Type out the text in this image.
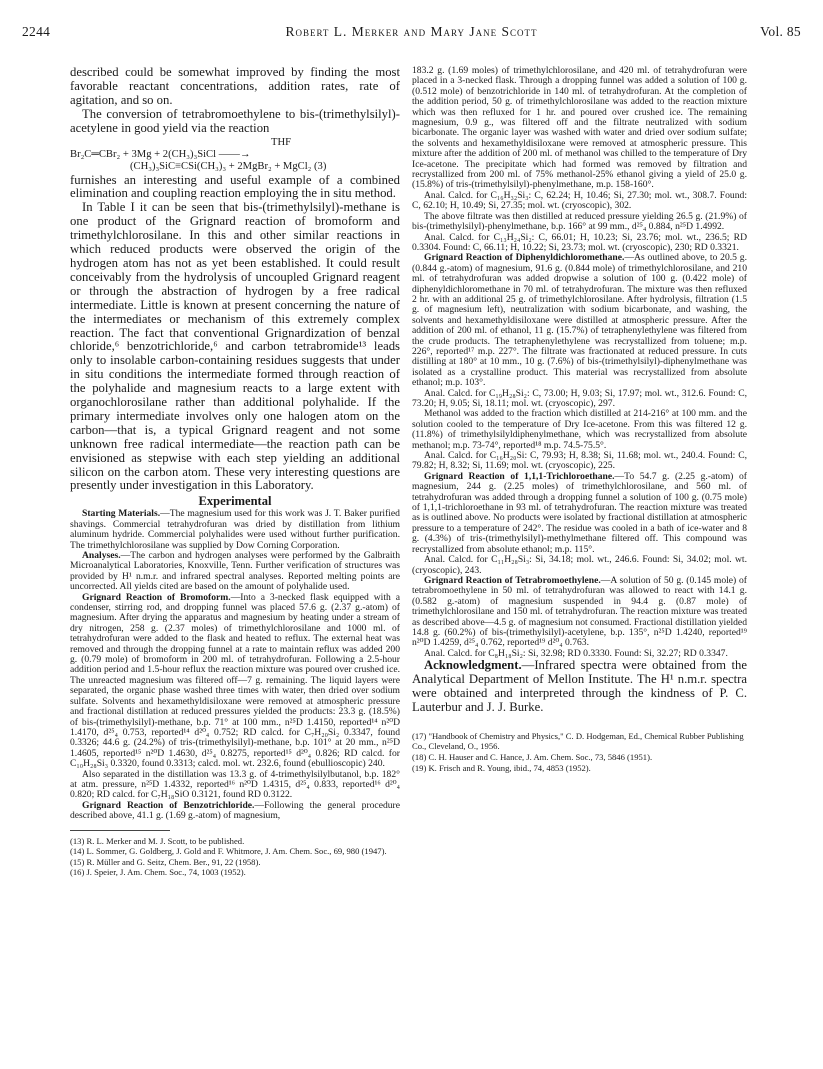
2244	Robert L. Merker and Mary Jane Scott	Vol. 85

described could be somewhat improved by finding the most favorable reactant concentrations, addition rates, rate of agitation, and so on.

The conversion of tetrabromoethylene to bis-(trimethylsilyl)-acetylene in good yield via the reaction

THF
Br₂C═CBr₂ + 3Mg + 2(CH₃)₃SiCl ——→
(CH₃)₃SiC≡CSi(CH₃)₃ + 2MgBr₂ + MgCl₂ (3)

furnishes an interesting and useful example of a combined elimination and coupling reaction employing the in situ method.

In Table I it can be seen that bis-(trimethylsilyl)-methane is one product of the Grignard reaction of bromoform and trimethylchlorosilane. In this and other similar reactions in which reduced products were observed the origin of the hydrogen atom has not as yet been established. It could result conceivably from the hydrolysis of uncoupled Grignard reagent or through the abstraction of hydrogen by a free radical intermediate. Little is known at present concerning the nature of the intermediates or mechanism of this extremely complex reaction. The fact that conventional Grignardization of benzal chloride,⁶ benzotrichloride,⁶ and carbon tetrabromide¹³ leads only to insolable carbon-containing residues suggests that under in situ conditions the intermediate formed through reaction of the polyhalide and magnesium reacts to a large extent with organochlorosilane rather than additional polyhalide. If the primary intermediate involves only one halogen atom on the carbon—that is, a typical Grignard reagent and not some unknown free radical intermediate—the reaction path can be envisioned as stepwise with each step yielding an additional silicon on the carbon atom. These very interesting questions are presently under investigation in this Laboratory.

Experimental

Starting Materials.—The magnesium used for this work was J. T. Baker purified shavings. Commercial tetrahydrofuran was dried by distillation from lithium aluminum hydride. Commercial polyhalides were used without further purification. The trimethylchlorosilane was supplied by Dow Corning Corporation.

Analyses.—The carbon and hydrogen analyses were performed by the Galbraith Microanalytical Laboratories, Knoxville, Tenn. Further verification of structures was provided by H¹ n.m.r. and infrared spectral analyses. Reported melting points are uncorrected. All yields cited are based on the amount of polyhalide used.

Grignard Reaction of Bromoform.—Into a 3-necked flask equipped with a condenser, stirring rod, and dropping funnel was placed 57.6 g. (2.37 g.-atom) of magnesium. After drying the apparatus and magnesium by heating under a stream of dry nitrogen, 258 g. (2.37 moles) of trimethylchlorosilane and 1000 ml. of tetrahydrofuran were added to the flask and heated to reflux. The external heat was removed and through the dropping funnel at a rate to maintain reflux was added 200 g. (0.79 mole) of bromoform in 200 ml. of tetrahydrofuran. Following a 2.5-hour addition period and 1.5-hour reflux the reaction mixture was poured over crushed ice. The unreacted magnesium was filtered off—7 g. remaining. The liquid layers were separated, the organic phase washed three times with water, then dried over sodium sulfate. Solvents and hexamethyldisiloxane were removed at atmospheric pressure and fractional distillation at reduced pressures yielded the products: 23.3 g. (18.5%) of bis-(trimethylsilyl)-methane, b.p. 71° at 100 mm., n²⁵D 1.4150, reported¹⁴ n²⁰D 1.4170, d²⁵₄ 0.753, reported¹⁴ d²⁰₄ 0.752; RD calcd. for C₇H₂₀Si₂ 0.3347, found 0.3326; 44.6 g. (24.2%) of tris-(trimethylsilyl)-methane, b.p. 101° at 20 mm., n²⁵D 1.4605, reported¹⁵ n²⁰D 1.4630, d²⁵₄ 0.8275, reported¹⁵ d²⁰₄ 0.826; RD calcd. for C₁₀H₂₈Si₃ 0.3320, found 0.3313; calcd. mol. wt. 232.6, found (ebullioscopic) 240.

Also separated in the distillation was 13.3 g. of 4-trimethylsilylbutanol, b.p. 182° at atm. pressure, n²⁵D 1.4332, reported¹⁶ n²⁰D 1.4315, d²⁵₄ 0.833, reported¹⁶ d²⁰₄ 0.820; RD calcd. for C₇H₁₈SiO 0.3121, found RD 0.3122.

Grignard Reaction of Benzotrichloride.—Following the general procedure described above, 41.1 g. (1.69 g.-atom) of magnesium,

(13) R. L. Merker and M. J. Scott, to be published.
(14) L. Sommer, G. Goldberg, J. Gold and F. Whitmore, J. Am. Chem. Soc., 69, 980 (1947).
(15) R. Müller and G. Seitz, Chem. Ber., 91, 22 (1958).
(16) J. Speier, J. Am. Chem. Soc., 74, 1003 (1952).

183.2 g. (1.69 moles) of trimethylchlorosilane, and 420 ml. of tetrahydrofuran were placed in a 3-necked flask. Through a dropping funnel was added a solution of 100 g. (0.512 mole) of benzotrichloride in 140 ml. of tetrahydrofuran. At the completion of the addition period, 50 g. of trimethylchlorosilane was added to the reaction mixture which was then refluxed for 1 hr. and poured over crushed ice. The remaining magnesium, 0.9 g., was filtered off and the filtrate neutralized with sodium bicarbonate. The organic layer was washed with water and dried over sodium sulfate; the solvents and hexamethyldisiloxane were removed at atmospheric pressure. This mixture after the addition of 200 ml. of methanol was chilled to the temperature of Dry Ice-acetone. The precipitate which had formed was removed by filtration and recrystallized from 200 ml. of 75% methanol-25% ethanol giving a yield of 25.0 g. (15.8%) of tris-(trimethylsilyl)-phenylmethane, m.p. 158-160°.

Anal. Calcd. for C₁₆H₃₂Si₃: C, 62.24; H, 10.46; Si, 27.30; mol. wt., 308.7. Found: C, 62.10; H, 10.49; Si, 27.35; mol. wt. (cryoscopic), 302.

The above filtrate was then distilled at reduced pressure yielding 26.5 g. (21.9%) of bis-(trimethylsilyl)-phenylmethane, b.p. 166° at 99 mm., d²⁵₄ 0.884, n²⁵D 1.4992.

Anal. Calcd. for C₁₃H₂₄Si₂: C, 66.01; H, 10.23; Si, 23.76; mol. wt., 236.5; RD 0.3304. Found: C, 66.11; H, 10.22; Si, 23.73; mol. wt. (cryoscopic), 230; RD 0.3321.

Grignard Reaction of Diphenyldichloromethane.—As outlined above, to 20.5 g. (0.844 g.-atom) of magnesium, 91.6 g. (0.844 mole) of trimethylchlorosilane, and 210 ml. of tetrahydrofuran was added dropwise a solution of 100 g. (0.422 mole) of diphenyldichloromethane in 70 ml. of tetrahydrofuran. The mixture was then refluxed 2 hr. with an additional 25 g. of trimethylchlorosilane. After hydrolysis, filtration (1.5 g. of magnesium left), neutralization with sodium bicarbonate, and washing, the solvents and hexamethyldisiloxane were distilled at atmospheric pressure. After the addition of 200 ml. of ethanol, 11 g. (15.7%) of tetraphenylethylene was filtered from the crude products. The tetraphenylethylene was recrystallized from toluene; m.p. 226°, reported¹⁷ m.p. 227°. The filtrate was fractionated at reduced pressure. In cuts distilling at 180° at 10 mm., 10 g. (7.6%) of bis-(trimethylsilyl)-diphenylmethane was isolated as a crystalline product. This material was recrystallized from absolute ethanol; m.p. 103°.

Anal. Calcd. for C₁₉H₂₈Si₂: C, 73.00; H, 9.03; Si, 17.97; mol. wt., 312.6. Found: C, 73.20; H, 9.05; Si, 18.11; mol. wt. (cryoscopic), 297.

Methanol was added to the fraction which distilled at 214-216° at 100 mm. and the solution cooled to the temperature of Dry Ice-acetone. From this was filtered 12 g. (11.8%) of trimethylsilyldiphenylmethane, which was recrystallized from absolute methanol; m.p. 73-74°, reported¹⁸ m.p. 74.5-75.5°.

Anal. Calcd. for C₁₆H₂₀Si: C, 79.93; H, 8.38; Si, 11.68; mol. wt., 240.4. Found: C, 79.82; H, 8.32; Si, 11.69; mol. wt. (cryoscopic), 225.

Grignard Reaction of 1,1,1-Trichloroethane.—To 54.7 g. (2.25 g.-atom) of magnesium, 244 g. (2.25 moles) of trimethylchlorosilane, and 560 ml. of tetrahydrofuran was added through a dropping funnel a solution of 100 g. (0.75 mole) of 1,1,1-trichloroethane in 93 ml. of tetrahydrofuran. The reaction mixture was treated as is outlined above. No products were isolated by fractional distillation at atmospheric pressure to a temperature of 242°. The residue was cooled in a bath of ice-water and 8 g. (4.3%) of tris-(trimethylsilyl)-methylmethane filtered off. This compound was recrystallized from absolute ethanol; m.p. 115°.

Anal. Calcd. for C₁₁H₂₈Si₃: Si, 34.18; mol. wt., 246.6. Found: Si, 34.02; mol. wt. (cryoscopic), 243.

Grignard Reaction of Tetrabromoethylene.—A solution of 50 g. (0.145 mole) of tetrabromoethylene in 50 ml. of tetrahydrofuran was allowed to react with 14.1 g. (0.582 g.-atom) of magnesium suspended in 94.4 g. (0.87 mole) of trimethylchlorosilane and 150 ml. of tetrahydrofuran. The reaction mixture was treated as described above—4.5 g. of magnesium not consumed. Fractional distillation yielded 14.8 g. (60.2%) of bis-(trimethylsilyl)-acetylene, b.p. 135°, n²⁵D 1.4240, reported¹⁹ n²⁰D 1.4259, d²⁵₄ 0.762, reported¹⁹ d²⁰₄ 0.763.

Anal. Calcd. for C₈H₁₈Si₂: Si, 32.98; RD 0.3330. Found: Si, 32.27; RD 0.3347.

Acknowledgment.—Infrared spectra were obtained from the Analytical Department of Mellon Institute. The H¹ n.m.r. spectra were obtained and interpreted through the kindness of P. C. Lauterbur and J. J. Burke.

(17) "Handbook of Chemistry and Physics," C. D. Hodgeman, Ed., Chemical Rubber Publishing Co., Cleveland, O., 1956.
(18) C. H. Hauser and C. Hance, J. Am. Chem. Soc., 73, 5846 (1951).
(19) K. Frisch and R. Young, ibid., 74, 4853 (1952).
